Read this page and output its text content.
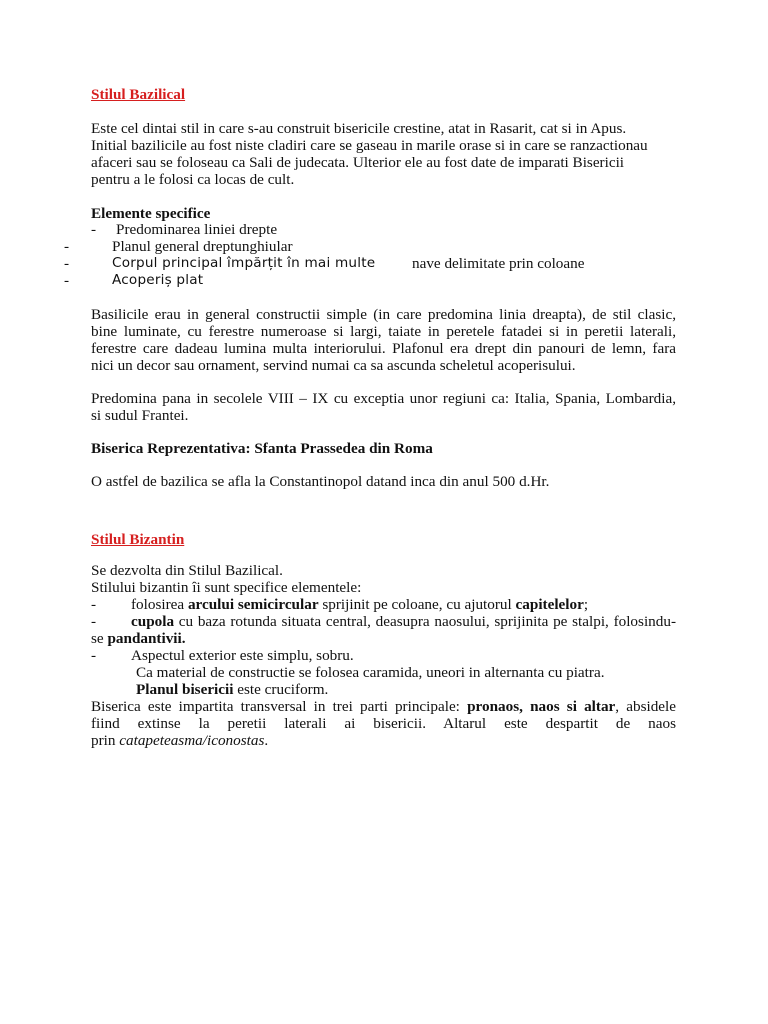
Stilul Bazilical

Este cel dintai stil in care s-au construit bisericile crestine, atat in Rasarit, cat si in Apus.

Initial bazilicile au fost niste cladiri care se gaseau in marile orase si in care se ranzactionau

afaceri sau se foloseau ca Sali de judecata. Ulterior ele au fost date de imparati Bisericii

pentru a le folosi ca locas de cult.

Elemente specifice

- Predominarea liniei drepte
-	Planul general dreptunghiular
-	Corpul principal împărțit în mai multe nave delimitate prin coloane
-	Acoperiș plat

Basilicile erau in general constructii simple (in care predomina linia dreapta), de stil clasic,

bine luminate, cu ferestre numeroase si largi, taiate in peretele fatadei si in peretii laterali,

ferestre care dadeau lumina multa interiorului. Plafonul era drept din panouri de lemn, fara

nici un decor sau ornament, servind numai ca sa ascunda scheletul acoperisului.

Predomina pana in secolele VIII – IX cu exceptia unor regiuni ca: Italia, Spania, Lombardia,

si sudul Frantei.

Biserica Reprezentativa: Sfanta Prassedea din Roma

O astfel de bazilica se afla la Constantinopol datand inca din anul 500 d.Hr.

Stilul Bizantin

Se dezvolta din Stilul Bazilical.

Stilului bizantin îi sunt specifice elementele:

- folosirea arcului semicircular sprijinit pe coloane, cu ajutorul capitelelor;

- cupola cu baza rotunda situata central, deasupra naosului, sprijinita pe stalpi, folosindu-

se pandantivii.

- Aspectul exterior este simplu, sobru.

Ca material de constructie se folosea caramida, uneori in alternanta cu piatra.

Planul bisericii este cruciform.

Biserica este impartita transversal in trei parti principale: pronaos, naos si altar, absidele

fiind extinse la peretii laterali ai bisericii. Altarul este despartit de naos

prin catapeteasma/iconostas.
